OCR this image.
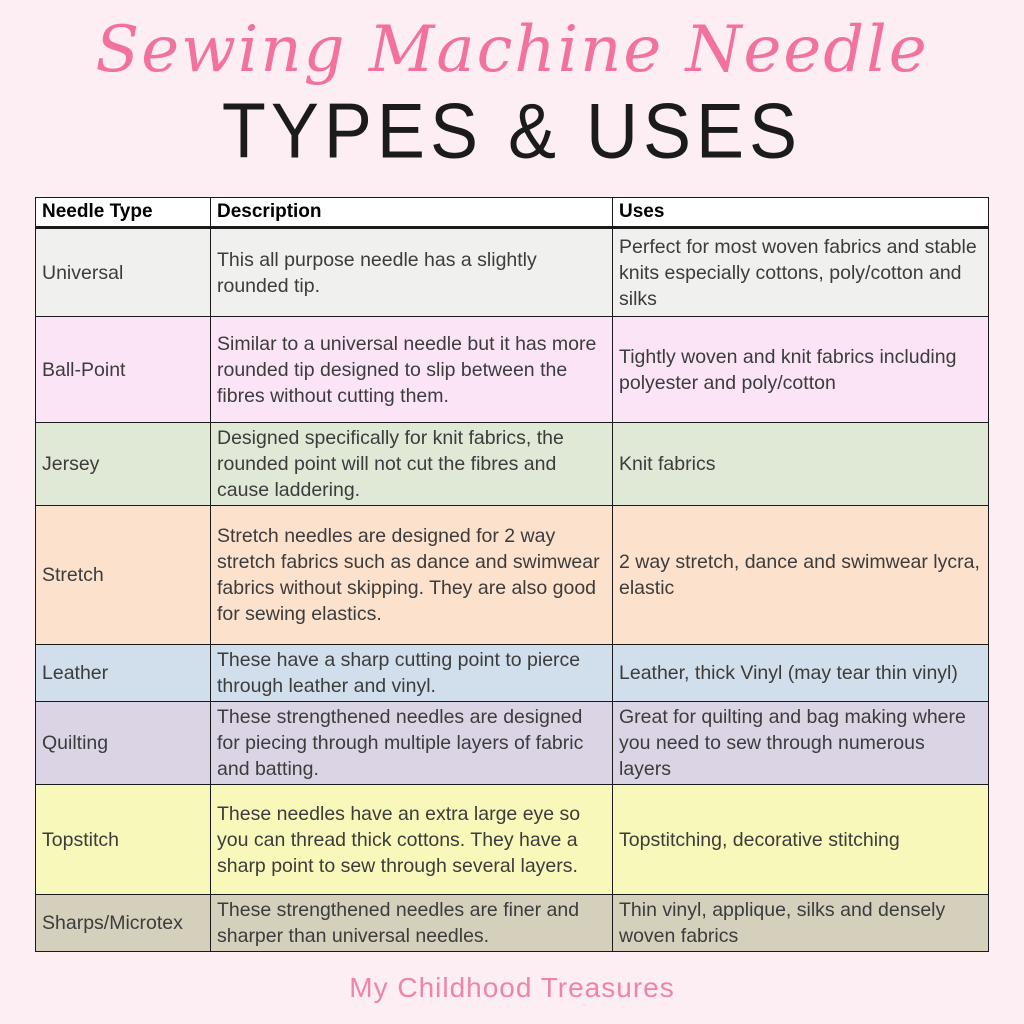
Sewing Machine Needle
TYPES & USES
Needle Type	Description	Uses
Universal	This all purpose needle has a slightly rounded tip.	Perfect for most woven fabrics and stable knits especially cottons, poly/cotton and silks
Ball-Point	Similar to a universal needle but it has more rounded tip designed to slip between the fibres without cutting them.	Tightly woven and knit fabrics including polyester and poly/cotton
Jersey	Designed specifically for knit fabrics, the rounded point will not cut the fibres and cause laddering.	Knit fabrics
Stretch	Stretch needles are designed for 2 way stretch fabrics such as dance and swimwear fabrics without skipping. They are also good for sewing elastics.	2 way stretch, dance and swimwear lycra, elastic
Leather	These have a sharp cutting point to pierce through leather and vinyl.	Leather, thick Vinyl (may tear thin vinyl)
Quilting	These strengthened needles are designed for piecing through multiple layers of fabric and batting.	Great for quilting and bag making where you need to sew through numerous layers
Topstitch	These needles have an extra large eye so you can thread thick cottons. They have a sharp point to sew through several layers.	Topstitching, decorative stitching
Sharps/Microtex	These strengthened needles are finer and sharper than universal needles.	Thin vinyl, applique, silks and densely woven fabrics
My Childhood Treasures
